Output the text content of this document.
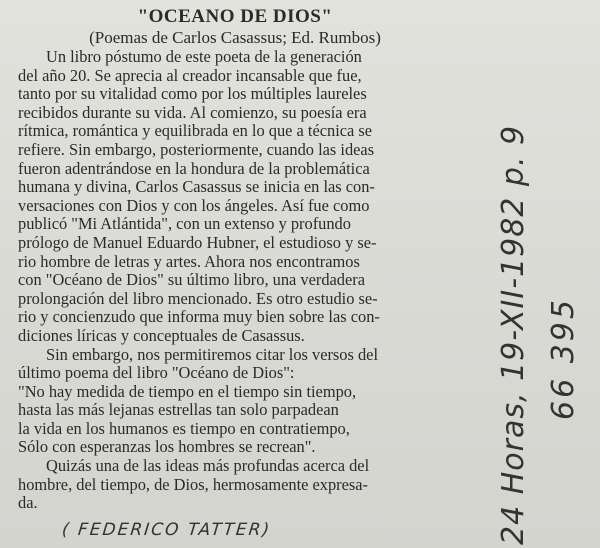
"OCEANO DE DIOS"
(Poemas de Carlos Casassus; Ed. Rumbos)
Un libro póstumo de este poeta de la generación
del año 20. Se aprecia al creador incansable que fue,
tanto por su vitalidad como por los múltiples laureles
recibidos durante su vida. Al comienzo, su poesía era
rítmica, romántica y equilibrada en lo que a técnica se
refiere. Sin embargo, posteriormente, cuando las ideas
fueron adentrándose en la hondura de la problemática
humana y divina, Carlos Casassus se inicia en las con-
versaciones con Dios y con los ángeles. Así fue como
publicó "Mi Atlántida", con un extenso y profundo
prólogo de Manuel Eduardo Hubner, el estudioso y se-
rio hombre de letras y artes. Ahora nos encontramos
con "Océano de Dios" su último libro, una verdadera
prolongación del libro mencionado. Es otro estudio se-
rio y concienzudo que informa muy bien sobre las con-
diciones líricas y conceptuales de Casassus.
Sin embargo, nos permitiremos citar los versos del
último poema del libro "Océano de Dios":
"No hay medida de tiempo en el tiempo sin tiempo,
hasta las más lejanas estrellas tan solo parpadean
la vida en los humanos es tiempo en contratiempo,
Sólo con esperanzas los hombres se recrean".
Quizás una de las ideas más profundas acerca del
hombre, del tiempo, de Dios, hermosamente expresa-
da.
( FEDERICO TATTER)	24 Horas, 19-XII-1982 p. 9 66 395
